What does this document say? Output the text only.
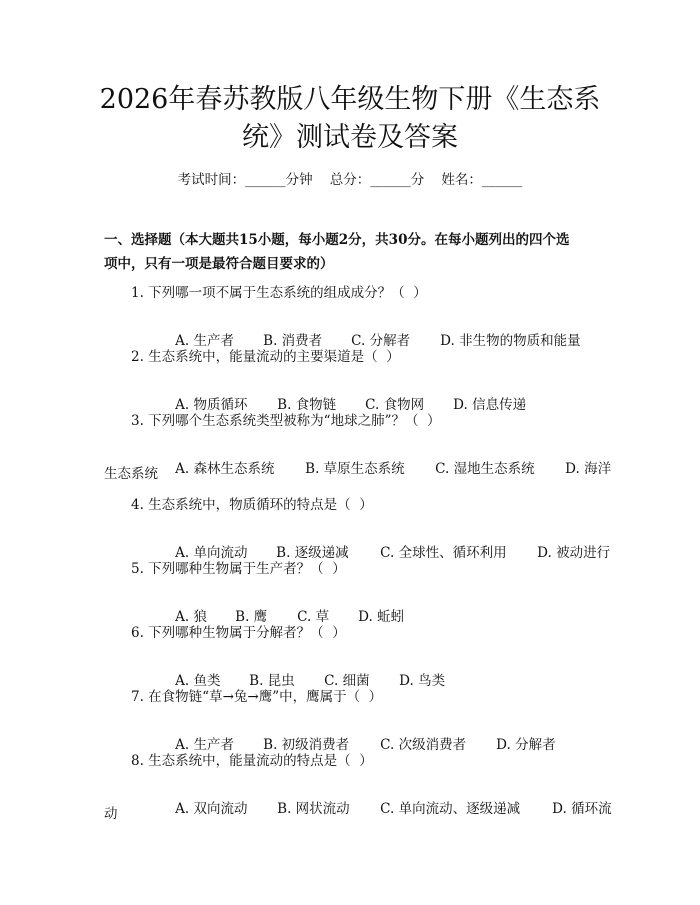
2026年春苏教版八年级生物下册《生态系
统》测试卷及答案
考试时间：______分钟    总分：______分    姓名：______
一、选择题（本大题共15小题，每小题2分，共30分。在每小题列出的四个选
项中，只有一项是最符合题目要求的）
1. 下列哪一项不属于生态系统的组成成分？（  ）

A. 生产者 B. 消费者 C. 分解者 D. 非生物的物质和能量

2. 生态系统中，能量流动的主要渠道是（  ）

A. 物质循环 B. 食物链 C. 食物网 D. 信息传递

3. 下列哪个生态系统类型被称为“地球之肺”？（  ）

A. 森林生态系统 B. 草原生态系统 C. 湿地生态系统 D. 海洋

生态系统
4. 生态系统中，物质循环的特点是（  ）

A. 单向流动 B. 逐级递减 C. 全球性、循环利用 D. 被动进行

5. 下列哪种生物属于生产者？（  ）

A. 狼 B. 鹰 C. 草 D. 蚯蚓

6. 下列哪种生物属于分解者？（  ）

A. 鱼类 B. 昆虫 C. 细菌 D. 鸟类

7. 在食物链“草→兔→鹰”中，鹰属于（  ）

A. 生产者 B. 初级消费者 C. 次级消费者 D. 分解者

8. 生态系统中，能量流动的特点是（  ）

A. 双向流动 B. 网状流动 C. 单向流动、逐级递减 D. 循环流

动
